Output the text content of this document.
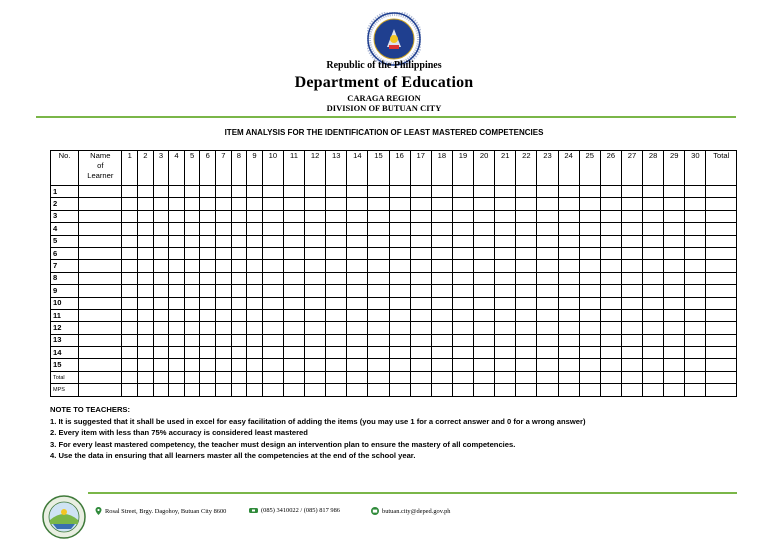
Republic of the Philippines
Department of Education
CARAGA REGION
DIVISION OF BUTUAN CITY
ITEM ANALYSIS FOR THE IDENTIFICATION OF LEAST MASTERED COMPETENCIES
No.	Name
of
Learner	1	2	3	4	5	6	7	8	9	10	11	12	13	14	15	16	17	18	19	20	21	22	23	24	25	26	27	28	29	30	Total
1																																
2																																
3																																
4																																
5																																
6																																
7																																
8																																
9																																
10																																
11																																
12																																
13																																
14																																
15																																
Total																																
MPS																																
NOTE TO TEACHERS:
1. It is suggested that it shall be used in excel for easy facilitation of adding the items (you may use 1 for a correct answer and 0 for a wrong answer)
2. Every item with less than 75% accuracy is considered least mastered
3. For every least mastered competency, the teacher must design an intervention plan to ensure the mastery of all competencies.
4. Use the data in ensuring that all learners master all the competencies at the end of the school year.
Rosal Street, Brgy. Dagohoy, Butuan City 8600	(085) 3410022 / (085) 817 986	butuan.city@deped.gov.ph
